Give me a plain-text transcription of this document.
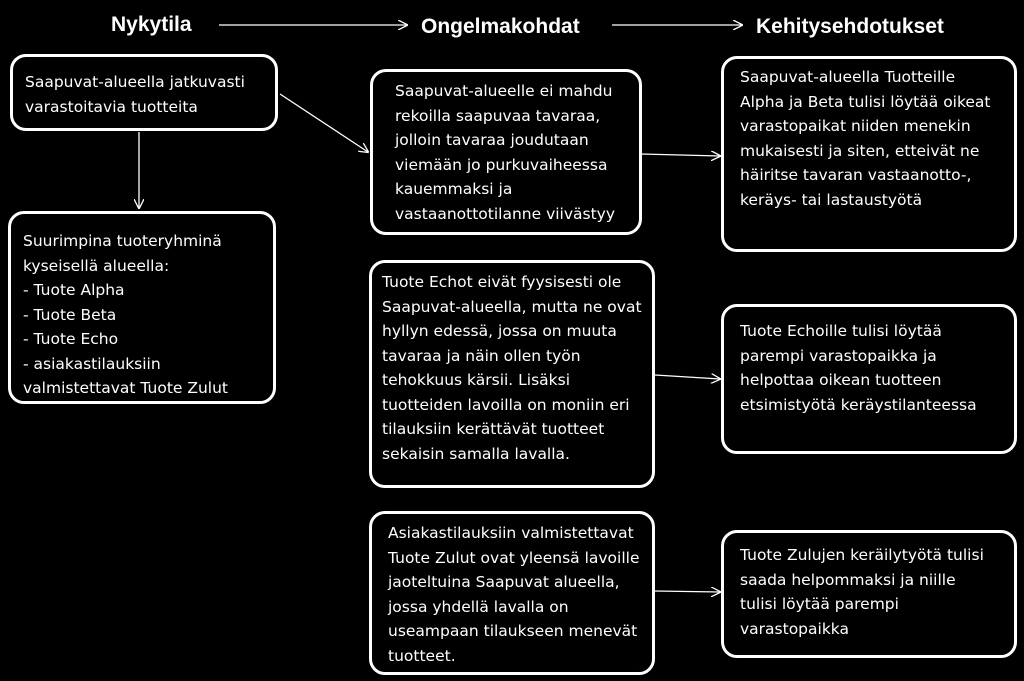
Nykytila	Ongelmakohdat	Kehitysehdotukset
Saapuvat-alueella jatkuvasti
varastoitavia tuotteita
Suurimpina tuoteryhminä
kyseisellä alueella:
- Tuote Alpha
- Tuote Beta
- Tuote Echo
- asiakastilauksiin
valmistettavat Tuote Zulut
Saapuvat-alueelle ei mahdu
rekoilla saapuvaa tavaraa,
jolloin tavaraa joudutaan
viemään jo purkuvaiheessa
kauemmaksi ja
vastaanottotilanne viivästyy
Tuote Echot eivät fyysisesti ole
Saapuvat-alueella, mutta ne ovat
hyllyn edessä, jossa on muuta
tavaraa ja näin ollen työn
tehokkuus kärsii. Lisäksi
tuotteiden lavoilla on moniin eri
tilauksiin kerättävät tuotteet
sekaisin samalla lavalla.
Asiakastilauksiin valmistettavat
Tuote Zulut ovat yleensä lavoille
jaoteltuina Saapuvat alueella,
jossa yhdellä lavalla on
useampaan tilaukseen menevät
tuotteet.
Saapuvat-alueella Tuotteille
Alpha ja Beta tulisi löytää oikeat
varastopaikat niiden menekin
mukaisesti ja siten, etteivät ne
häiritse tavaran vastaanotto-,
keräys- tai lastaustyötä
Tuote Echoille tulisi löytää
parempi varastopaikka ja
helpottaa oikean tuotteen
etsimistyötä keräystilanteessa
Tuote Zulujen keräilytyötä tulisi
saada helpommaksi ja niille
tulisi löytää parempi
varastopaikka
